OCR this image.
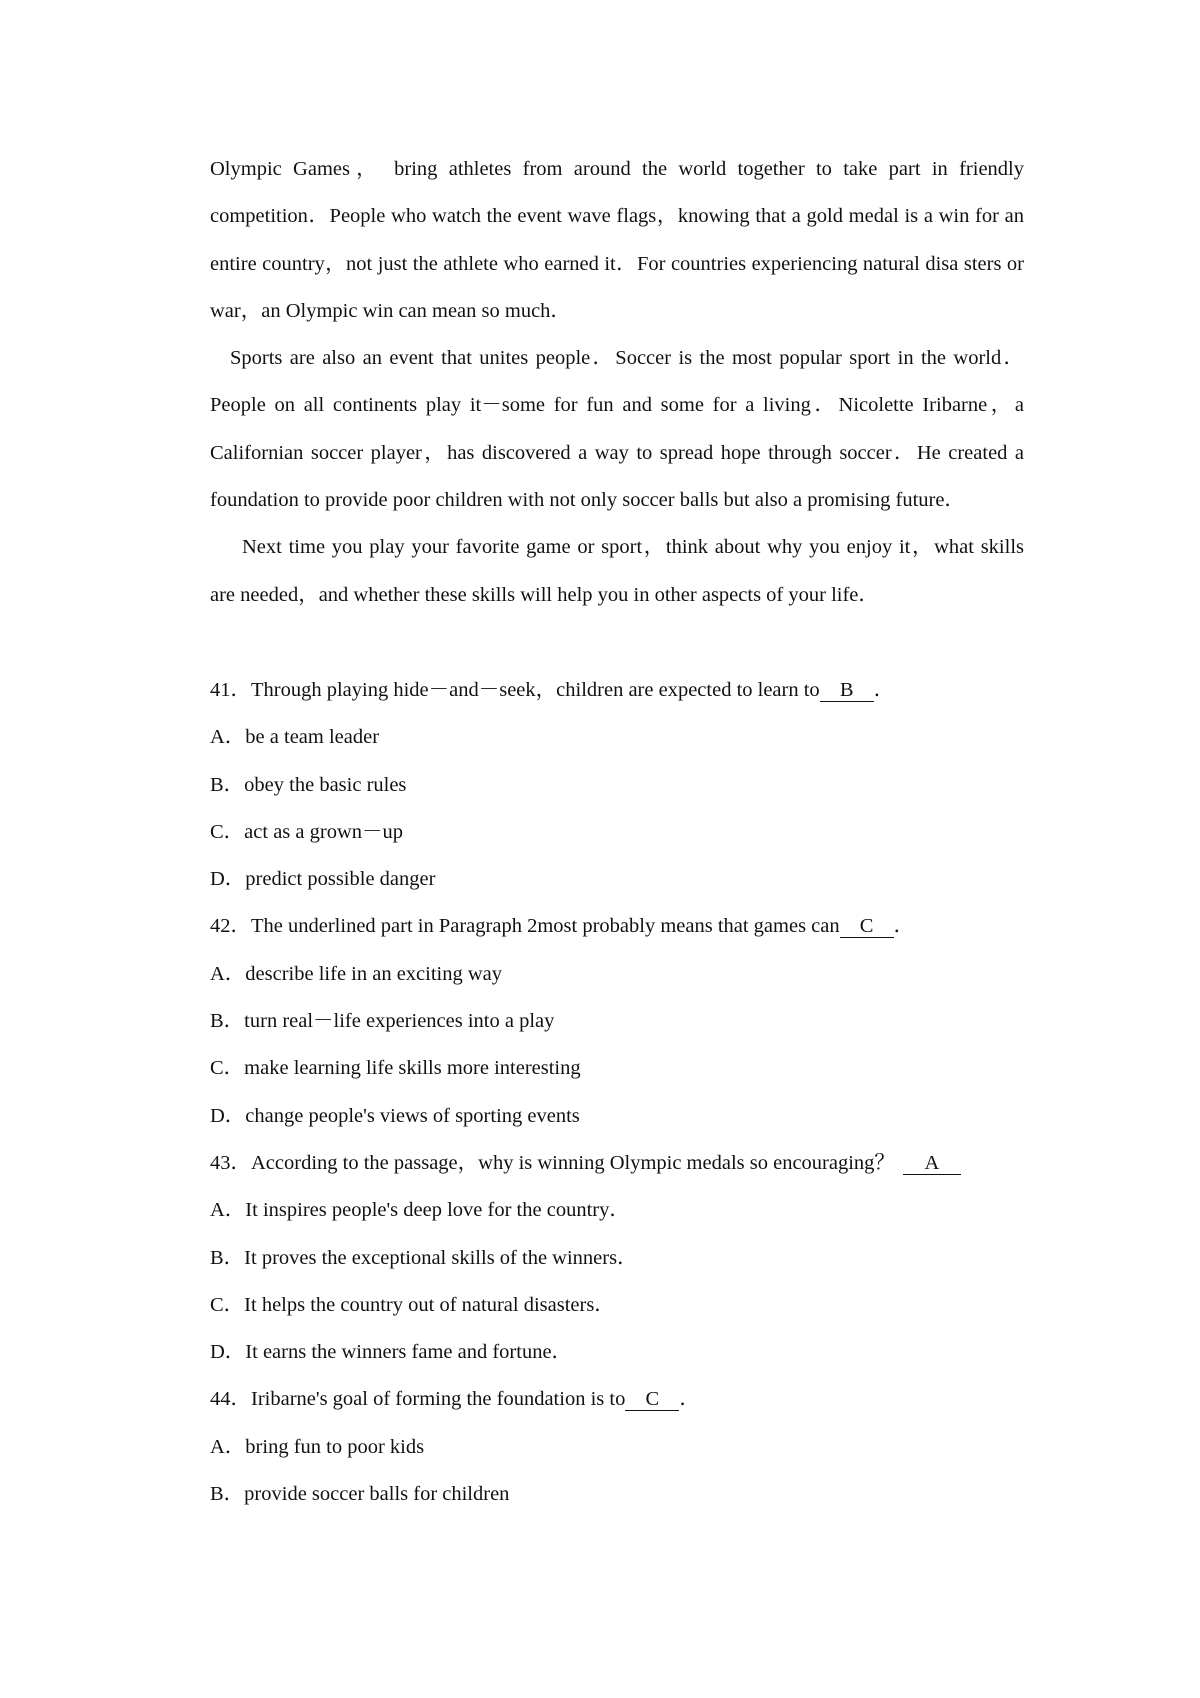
Olympic Games， bring athletes from around the world together to take part in friendly competition．People who watch the event wave flags，knowing that a gold medal is a win for an entire country，not just the athlete who earned it．For countries experiencing natural disa sters or war，an Olympic win can mean so much．

Sports are also an event that unites people．Soccer is the most popular sport in the world．People on all continents play it－some for fun and some for a living．Nicolette Iribarne，a Californian soccer player，has discovered a way to spread hope through soccer．He created a foundation to provide poor children with not only soccer balls but also a promising future．

Next time you play your favorite game or sport，think about why you enjoy it，what skills are needed，and whether these skills will help you in other aspects of your life．

41．Through playing hide－and－seek，children are expected to learn to B ．
A．be a team leader
B．obey the basic rules
C．act as a grown－up
D．predict possible danger
42．The underlined part in Paragraph 2most probably means that games can C ．
A．describe life in an exciting way
B．turn real－life experiences into a play
C．make learning life skills more interesting
D．change people's views of sporting events
43．According to the passage，why is winning Olympic medals so encouraging？ A
A．It inspires people's deep love for the country．
B．It proves the exceptional skills of the winners．
C．It helps the country out of natural disasters．
D．It earns the winners fame and fortune．
44．Iribarne's goal of forming the foundation is to C ．
A．bring fun to poor kids
B．provide soccer balls for children
